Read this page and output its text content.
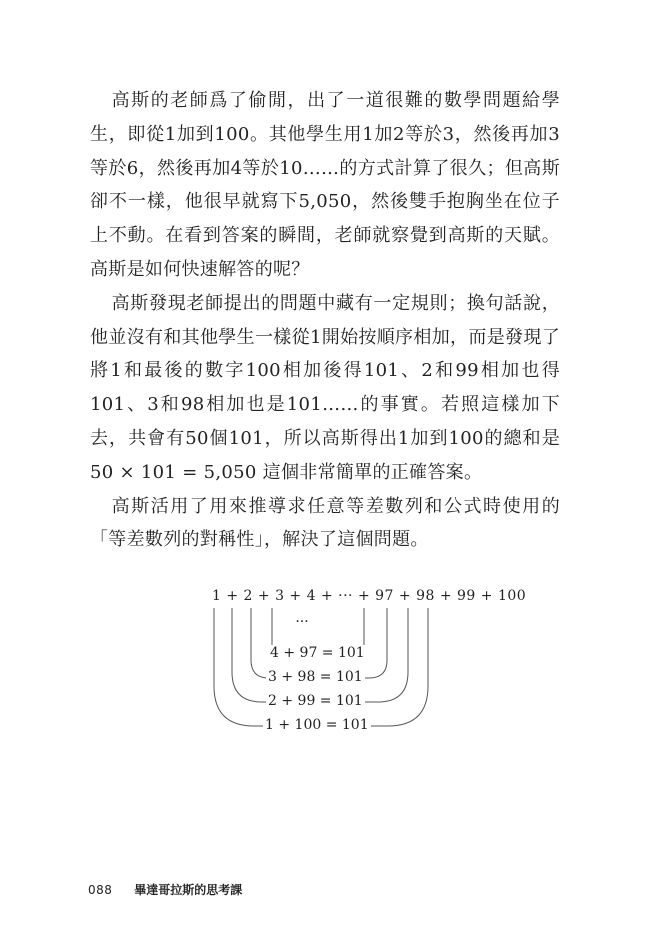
高斯的老師爲了偷閒，出了一道很難的數學問題給學生，即從1加到100。其他學生用1加2等於3，然後再加3等於6，然後再加4等於10……的方式計算了很久；但高斯卻不一樣，他很早就寫下5,050，然後雙手抱胸坐在位子上不動。在看到答案的瞬間，老師就察覺到高斯的天賦。高斯是如何快速解答的呢？

高斯發現老師提出的問題中藏有一定規則；換句話說，他並沒有和其他學生一樣從1開始按順序相加，而是發現了將1和最後的數字100相加後得101、2和99相加也得101、3和98相加也是101……的事實。若照這樣加下去，共會有50個101，所以高斯得出1加到100的總和是 50 × 101 = 5,050 這個非常簡單的正確答案。

高斯活用了用來推導求任意等差數列和公式時使用的「等差數列的對稱性」，解決了這個問題。

1 + 2 + 3 + 4 + ··· + 97 + 98 + 99 + 100
···
4 + 97 = 101
3 + 98 = 101
2 + 99 = 101
1 + 100 = 101
088 畢達哥拉斯的思考課
